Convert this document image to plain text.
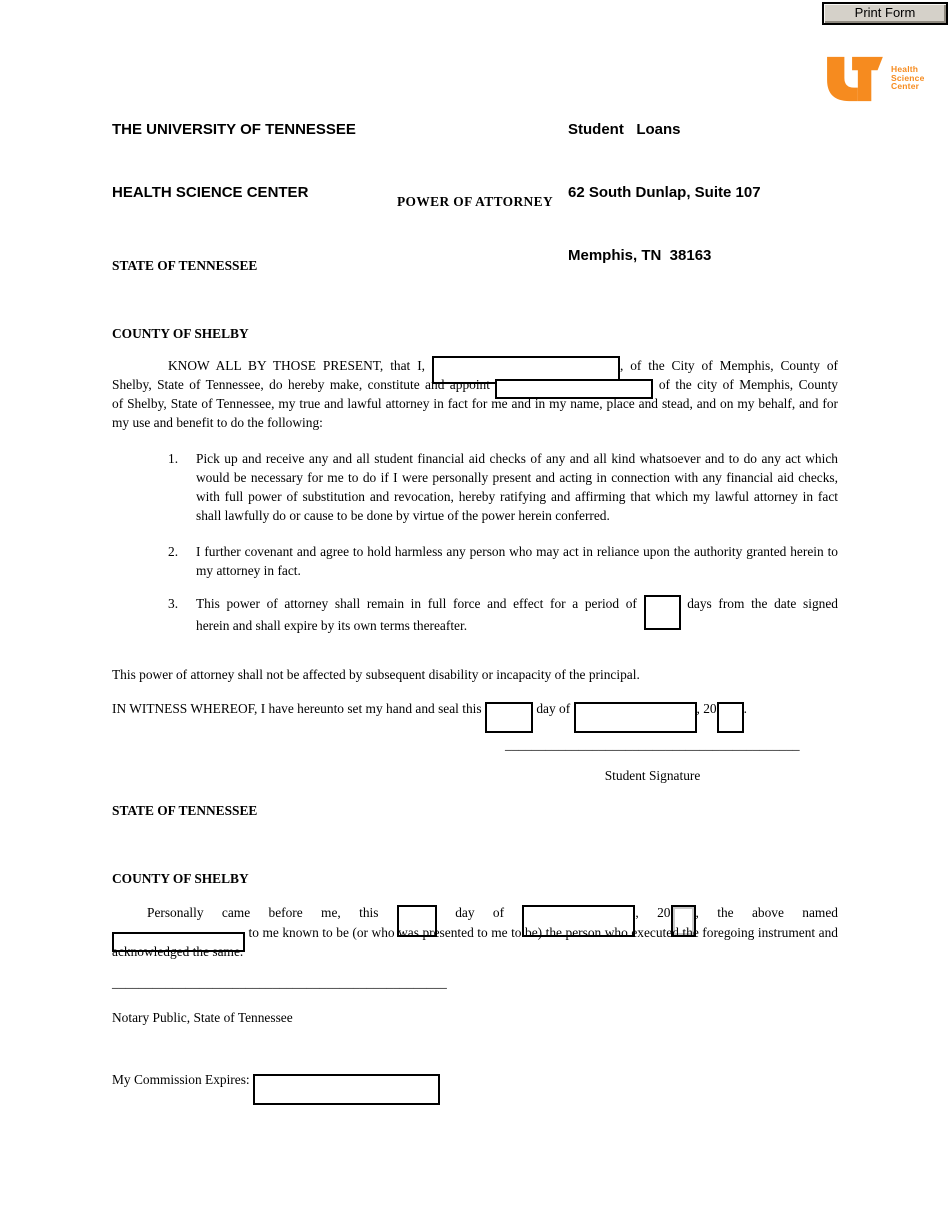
Print Form

THE UNIVERSITY OF TENNESSEE

HEALTH SCIENCE CENTER

Student   Loans

62 South Dunlap, Suite 107

Memphis, TN  38163

Health
Science
Center
POWER OF ATTORNEY
STATE OF TENNESSEE
COUNTY OF SHELBY
KNOW ALL BY THOSE PRESENT, that I,	, of the City of Memphis, County of
Shelby, State of Tennessee, do hereby make, constitute and appoint	of the city of Memphis, County
of Shelby, State of Tennessee, my true and lawful attorney in fact for me and in my name, place and stead, and on my behalf, and for my use and benefit to do the following:
1.	Pick up and receive any and all student financial aid checks of any and all kind whatsoever and to do any act which would be necessary for me to do if I were personally present and acting in connection with any financial aid checks, with full power of substitution and revocation, hereby ratifying and affirming that which my lawful attorney in fact shall lawfully do or cause to be done by virtue of the power herein conferred.
2.	I further covenant and agree to hold harmless any person who may act in reliance upon the authority granted herein to my attorney in fact.
3.	This power of attorney shall remain in full force and effect for a period of	days from the date signed
herein and shall expire by its own terms thereafter.
This power of attorney shall not be affected by subsequent disability or incapacity of the principal.
IN WITNESS WHEREOF, I have hereunto set my hand and seal this	day of	, 20 .
____________________________________________
Student Signature
STATE OF TENNESSEE
COUNTY OF SHELBY
Personally came before me, this	day of	, 20 , the above named
to me known to be (or who was presented to me to be) the person who executed the foregoing instrument and acknowledged the same.
__________________________________________________
Notary Public, State of Tennessee
My Commission Expires:
